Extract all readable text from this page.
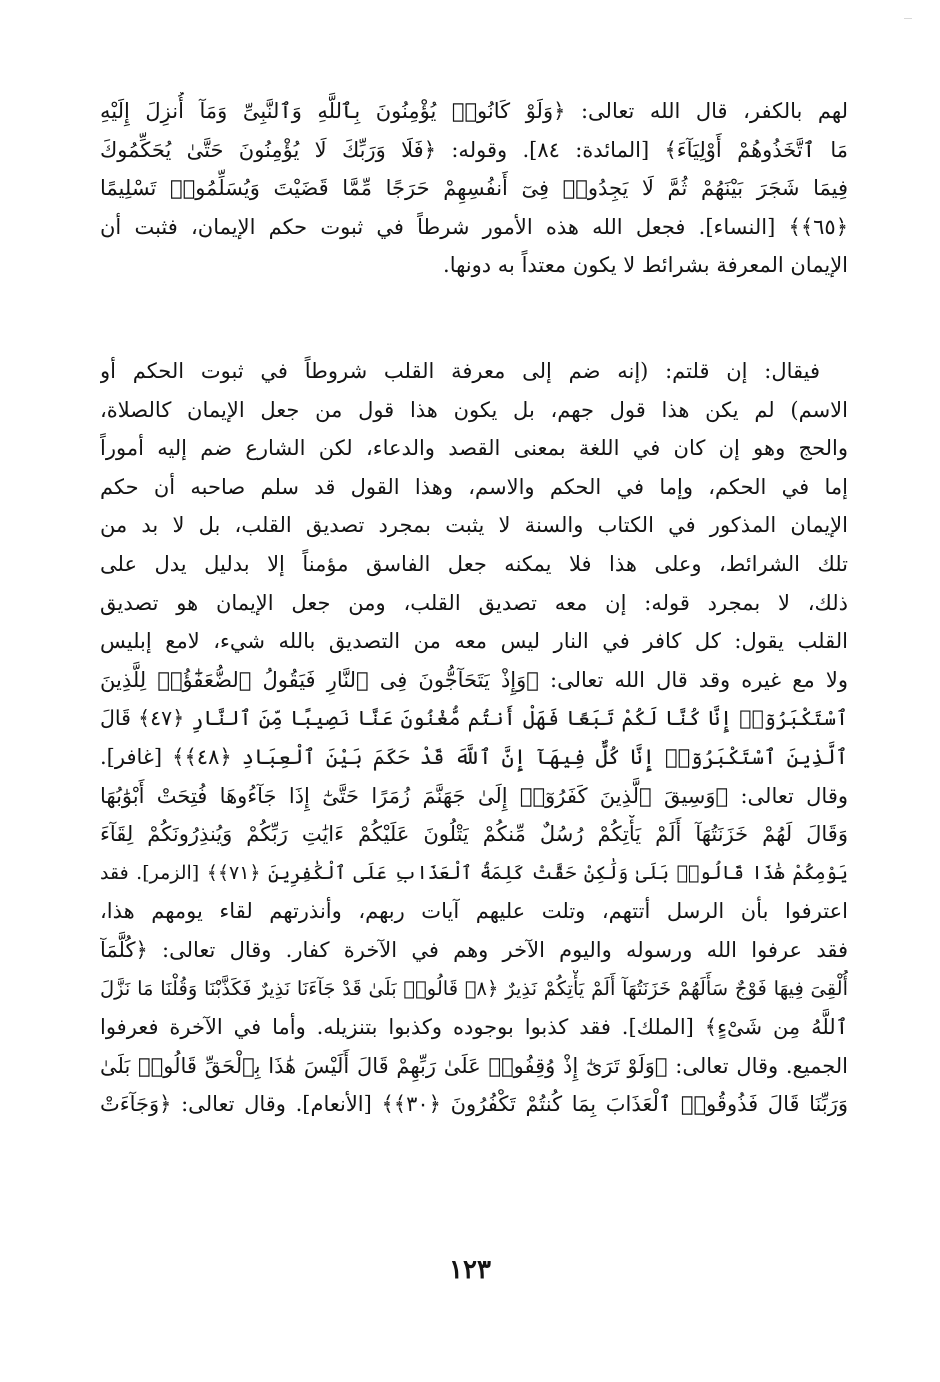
لهم بالكفر، قال الله تعالى: ﴿وَلَوْ كَانُوا۟ يُؤْمِنُونَ بِٱللَّهِ وَٱلنَّبِىِّ وَمَآ أُنزِلَ إِلَيْهِ
مَا ٱتَّخَذُوهُمْ أَوْلِيَآءَ﴾ [المائدة: ٨٤]. وقوله: ﴿فَلَا وَرَبِّكَ لَا يُؤْمِنُونَ حَتَّىٰ يُحَكِّمُوكَ
فِيمَا شَجَرَ بَيْنَهُمْ ثُمَّ لَا يَجِدُوا۟ فِىٓ أَنفُسِهِمْ حَرَجًا مِّمَّا قَضَيْتَ وَيُسَلِّمُوا۟ تَسْلِيمًا
﴿٦٥﴾﴾ [النساء]. فجعل الله هذه الأمور شرطاً في ثبوت حكم الإيمان، فثبت أن
الإيمان المعرفة بشرائط لا يكون معتداً به دونها.
فيقال: إن قلتم: (إنه ضم إلى معرفة القلب شروطاً في ثبوت الحكم أو
الاسم) لم يكن هذا قول جهم، بل يكون هذا قول من جعل الإيمان كالصلاة،
والحج وهو إن كان في اللغة بمعنى القصد والدعاء، لكن الشارع ضم إليه أموراً
إما في الحكم، وإما في الحكم والاسم، وهذا القول قد سلم صاحبه أن حكم
الإيمان المذكور في الكتاب والسنة لا يثبت بمجرد تصديق القلب، بل لا بد من
تلك الشرائط، وعلى هذا فلا يمكنه جعل الفاسق مؤمناً إلا بدليل يدل على
ذلك، لا بمجرد قوله: إن معه تصديق القلب، ومن جعل الإيمان هو تصديق
القلب يقول: كل كافر في النار ليس معه من التصديق بالله شيء، لامع إبليس
ولا مع غيره وقد قال الله تعالى: ﴿وَإِذْ يَتَحَآجُّونَ فِى ٱلنَّارِ فَيَقُولُ ٱلضُّعَفَٰٓؤُا۟ لِلَّذِينَ
ٱسْتَكْبَرُوٓا۟ إِنَّا كُنَّا لَكُمْ تَبَعًا فَهَلْ أَنتُم مُّغْنُونَ عَنَّا نَصِيبًا مِّنَ ٱلنَّارِ ﴿٤٧﴾ قَالَ
ٱلَّذِينَ ٱسْتَكْبَرُوٓا۟ إِنَّا كُلٌّ فِيهَآ إِنَّ ٱللَّهَ قَدْ حَكَمَ بَيْنَ ٱلْعِبَادِ ﴿٤٨﴾﴾ [غافر].
وقال تعالى: ﴿وَسِيقَ ٱلَّذِينَ كَفَرُوٓا۟ إِلَىٰ جَهَنَّمَ زُمَرًا حَتَّىٰٓ إِذَا جَآءُوهَا فُتِحَتْ أَبْوَٰبُهَا
وَقَالَ لَهُمْ خَزَنَتُهَآ أَلَمْ يَأْتِكُمْ رُسُلٌ مِّنكُمْ يَتْلُونَ عَلَيْكُمْ ءَايَٰتِ رَبِّكُمْ وَيُنذِرُونَكُمْ لِقَآءَ
يَوْمِكُمْ هَٰذَا قَالُوا۟ بَلَىٰ وَلَٰكِنْ حَقَّتْ كَلِمَةُ ٱلْعَذَابِ عَلَى ٱلْكَٰفِرِينَ ﴿٧١﴾﴾ [الزمر]. فقد
اعترفوا بأن الرسل أتتهم، وتلت عليهم آيات ربهم، وأنذرتهم لقاء يومهم هذا،
فقد عرفوا الله ورسوله واليوم الآخر وهم في الآخرة كفار. وقال تعالى: ﴿كُلَّمَآ
أُلْقِىَ فِيهَا فَوْجٌ سَأَلَهُمْ خَزَنَتُهَآ أَلَمْ يَأْتِكُمْ نَذِيرٌ ﴿٨﴾ قَالُوا۟ بَلَىٰ قَدْ جَآءَنَا نَذِيرٌ فَكَذَّبْنَا وَقُلْنَا مَا نَزَّلَ
ٱللَّهُ مِن شَىْءٍ﴾ [الملك]. فقد كذبوا بوجوده وكذبوا بتنزيله. وأما في الآخرة فعرفوا
الجميع. وقال تعالى: ﴿وَلَوْ تَرَىٰٓ إِذْ وُقِفُوا۟ عَلَىٰ رَبِّهِمْ قَالَ أَلَيْسَ هَٰذَا بِٱلْحَقِّ قَالُوا۟ بَلَىٰ
وَرَبِّنَا قَالَ فَذُوقُوا۟ ٱلْعَذَابَ بِمَا كُنتُمْ تَكْفُرُونَ ﴿٣٠﴾﴾ [الأنعام]. وقال تعالى: ﴿وَجَآءَتْ
١٢٣
